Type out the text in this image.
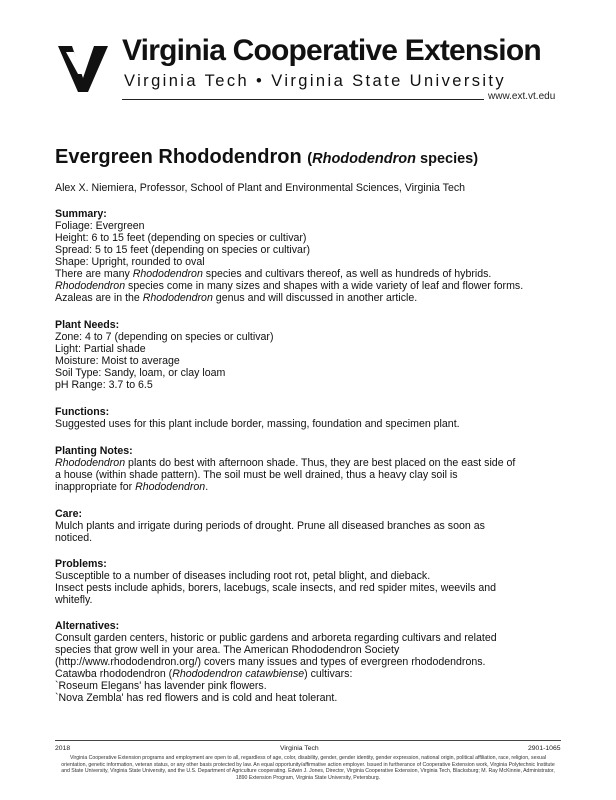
Virginia Cooperative Extension
Virginia Tech • Virginia State University
www.ext.vt.edu
Evergreen Rhododendron (Rhododendron species)
Alex X. Niemiera, Professor, School of Plant and Environmental Sciences, Virginia Tech
Summary:
Foliage: Evergreen
Height: 6 to 15 feet (depending on species or cultivar)
Spread: 5 to 15 feet (depending on species or cultivar)
Shape: Upright, rounded to oval
There are many Rhododendron species and cultivars thereof, as well as hundreds of hybrids.
Rhododendron species come in many sizes and shapes with a wide variety of leaf and flower forms.
Azaleas are in the Rhododendron genus and will discussed in another article.
Plant Needs:
Zone: 4 to 7 (depending on species or cultivar)
Light: Partial shade
Moisture: Moist to average
Soil Type: Sandy, loam, or clay loam
pH Range: 3.7 to 6.5
Functions:
Suggested uses for this plant include border, massing, foundation and specimen plant.
Planting Notes:
Rhododendron plants do best with afternoon shade. Thus, they are best placed on the east side of
a house (within shade pattern). The soil must be well drained, thus a heavy clay soil is
inappropriate for Rhododendron.
Care:
Mulch plants and irrigate during periods of drought. Prune all diseased branches as soon as
noticed.
Problems:
Susceptible to a number of diseases including root rot, petal blight, and dieback.
Insect pests include aphids, borers, lacebugs, scale insects, and red spider mites, weevils and
whitefly.
Alternatives:
Consult garden centers, historic or public gardens and arboreta regarding cultivars and related
species that grow well in your area. The American Rhododendron Society
(http://www.rhododendron.org/) covers many issues and types of evergreen rhododendrons.
Catawba rhododendron (Rhododendron catawbiense) cultivars:
`Roseum Elegans' has lavender pink flowers.
`Nova Zembla' has red flowers and is cold and heat tolerant.
2018	Virginia Tech	2901-1065
Virginia Cooperative Extension programs and employment are open to all, regardless of age, color, disability, gender, gender identity, gender expression, national origin, political affiliation, race, religion, sexual
orientation, genetic information, veteran status, or any other basis protected by law. An equal opportunity/affirmative action employer. Issued in furtherance of Cooperative Extension work, Virginia Polytechnic Institute
and State University, Virginia State University, and the U.S. Department of Agriculture cooperating. Edwin J. Jones, Director, Virginia Cooperative Extension, Virginia Tech, Blacksburg; M. Ray McKinnie, Administrator,
1890 Extension Program, Virginia State University, Petersburg.
